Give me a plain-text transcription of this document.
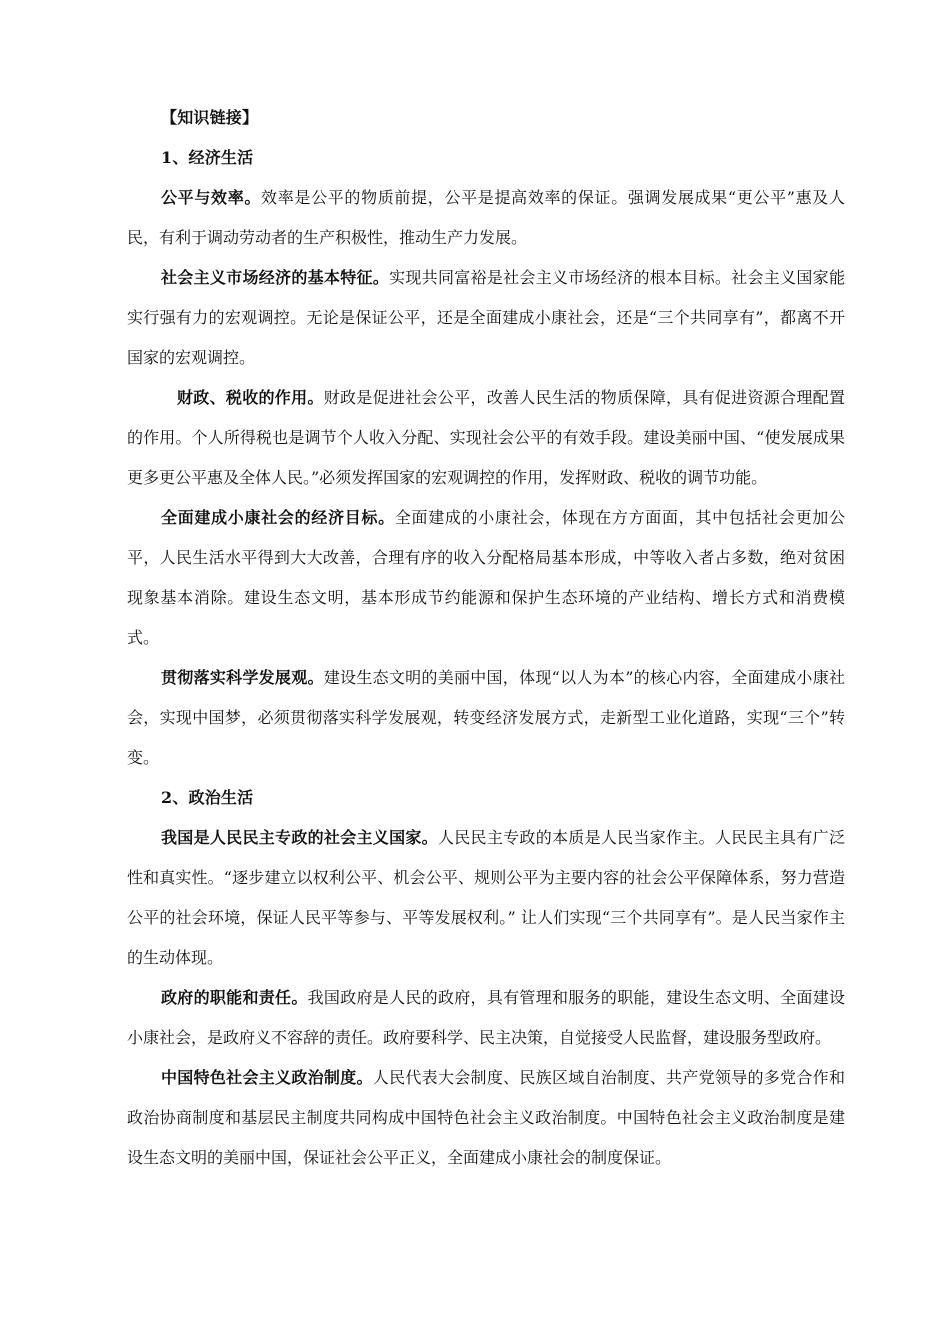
【知识链接】
1、经济生活

公平与效率。效率是公平的物质前提，公平是提高效率的保证。强调发展成果“更公平”惠及人民，有利于调动劳动者的生产积极性，推动生产力发展。

社会主义市场经济的基本特征。实现共同富裕是社会主义市场经济的根本目标。社会主义国家能实行强有力的宏观调控。无论是保证公平，还是全面建成小康社会，还是“三个共同享有”，都离不开国家的宏观调控。

财政、税收的作用。财政是促进社会公平，改善人民生活的物质保障，具有促进资源合理配置的作用。个人所得税也是调节个人收入分配、实现社会公平的有效手段。建设美丽中国、“使发展成果更多更公平惠及全体人民。”必须发挥国家的宏观调控的作用，发挥财政、税收的调节功能。

全面建成小康社会的经济目标。全面建成的小康社会，体现在方方面面，其中包括社会更加公平，人民生活水平得到大大改善，合理有序的收入分配格局基本形成，中等收入者占多数，绝对贫困现象基本消除。建设生态文明，基本形成节约能源和保护生态环境的产业结构、增长方式和消费模式。

贯彻落实科学发展观。建设生态文明的美丽中国，体现“以人为本”的核心内容，全面建成小康社会，实现中国梦，必须贯彻落实科学发展观，转变经济发展方式，走新型工业化道路，实现“三个”转变。

2、政治生活

我国是人民民主专政的社会主义国家。人民民主专政的本质是人民当家作主。人民民主具有广泛性和真实性。“逐步建立以权利公平、机会公平、规则公平为主要内容的社会公平保障体系，努力营造公平的社会环境，保证人民平等参与、平等发展权利。” 让人们实现“三个共同享有”。是人民当家作主的生动体现。

政府的职能和责任。我国政府是人民的政府，具有管理和服务的职能，建设生态文明、全面建设小康社会，是政府义不容辞的责任。政府要科学、民主决策，自觉接受人民监督，建设服务型政府。

中国特色社会主义政治制度。人民代表大会制度、民族区域自治制度、共产党领导的多党合作和政治协商制度和基层民主制度共同构成中国特色社会主义政治制度。中国特色社会主义政治制度是建设生态文明的美丽中国，保证社会公平正义，全面建成小康社会的制度保证。
